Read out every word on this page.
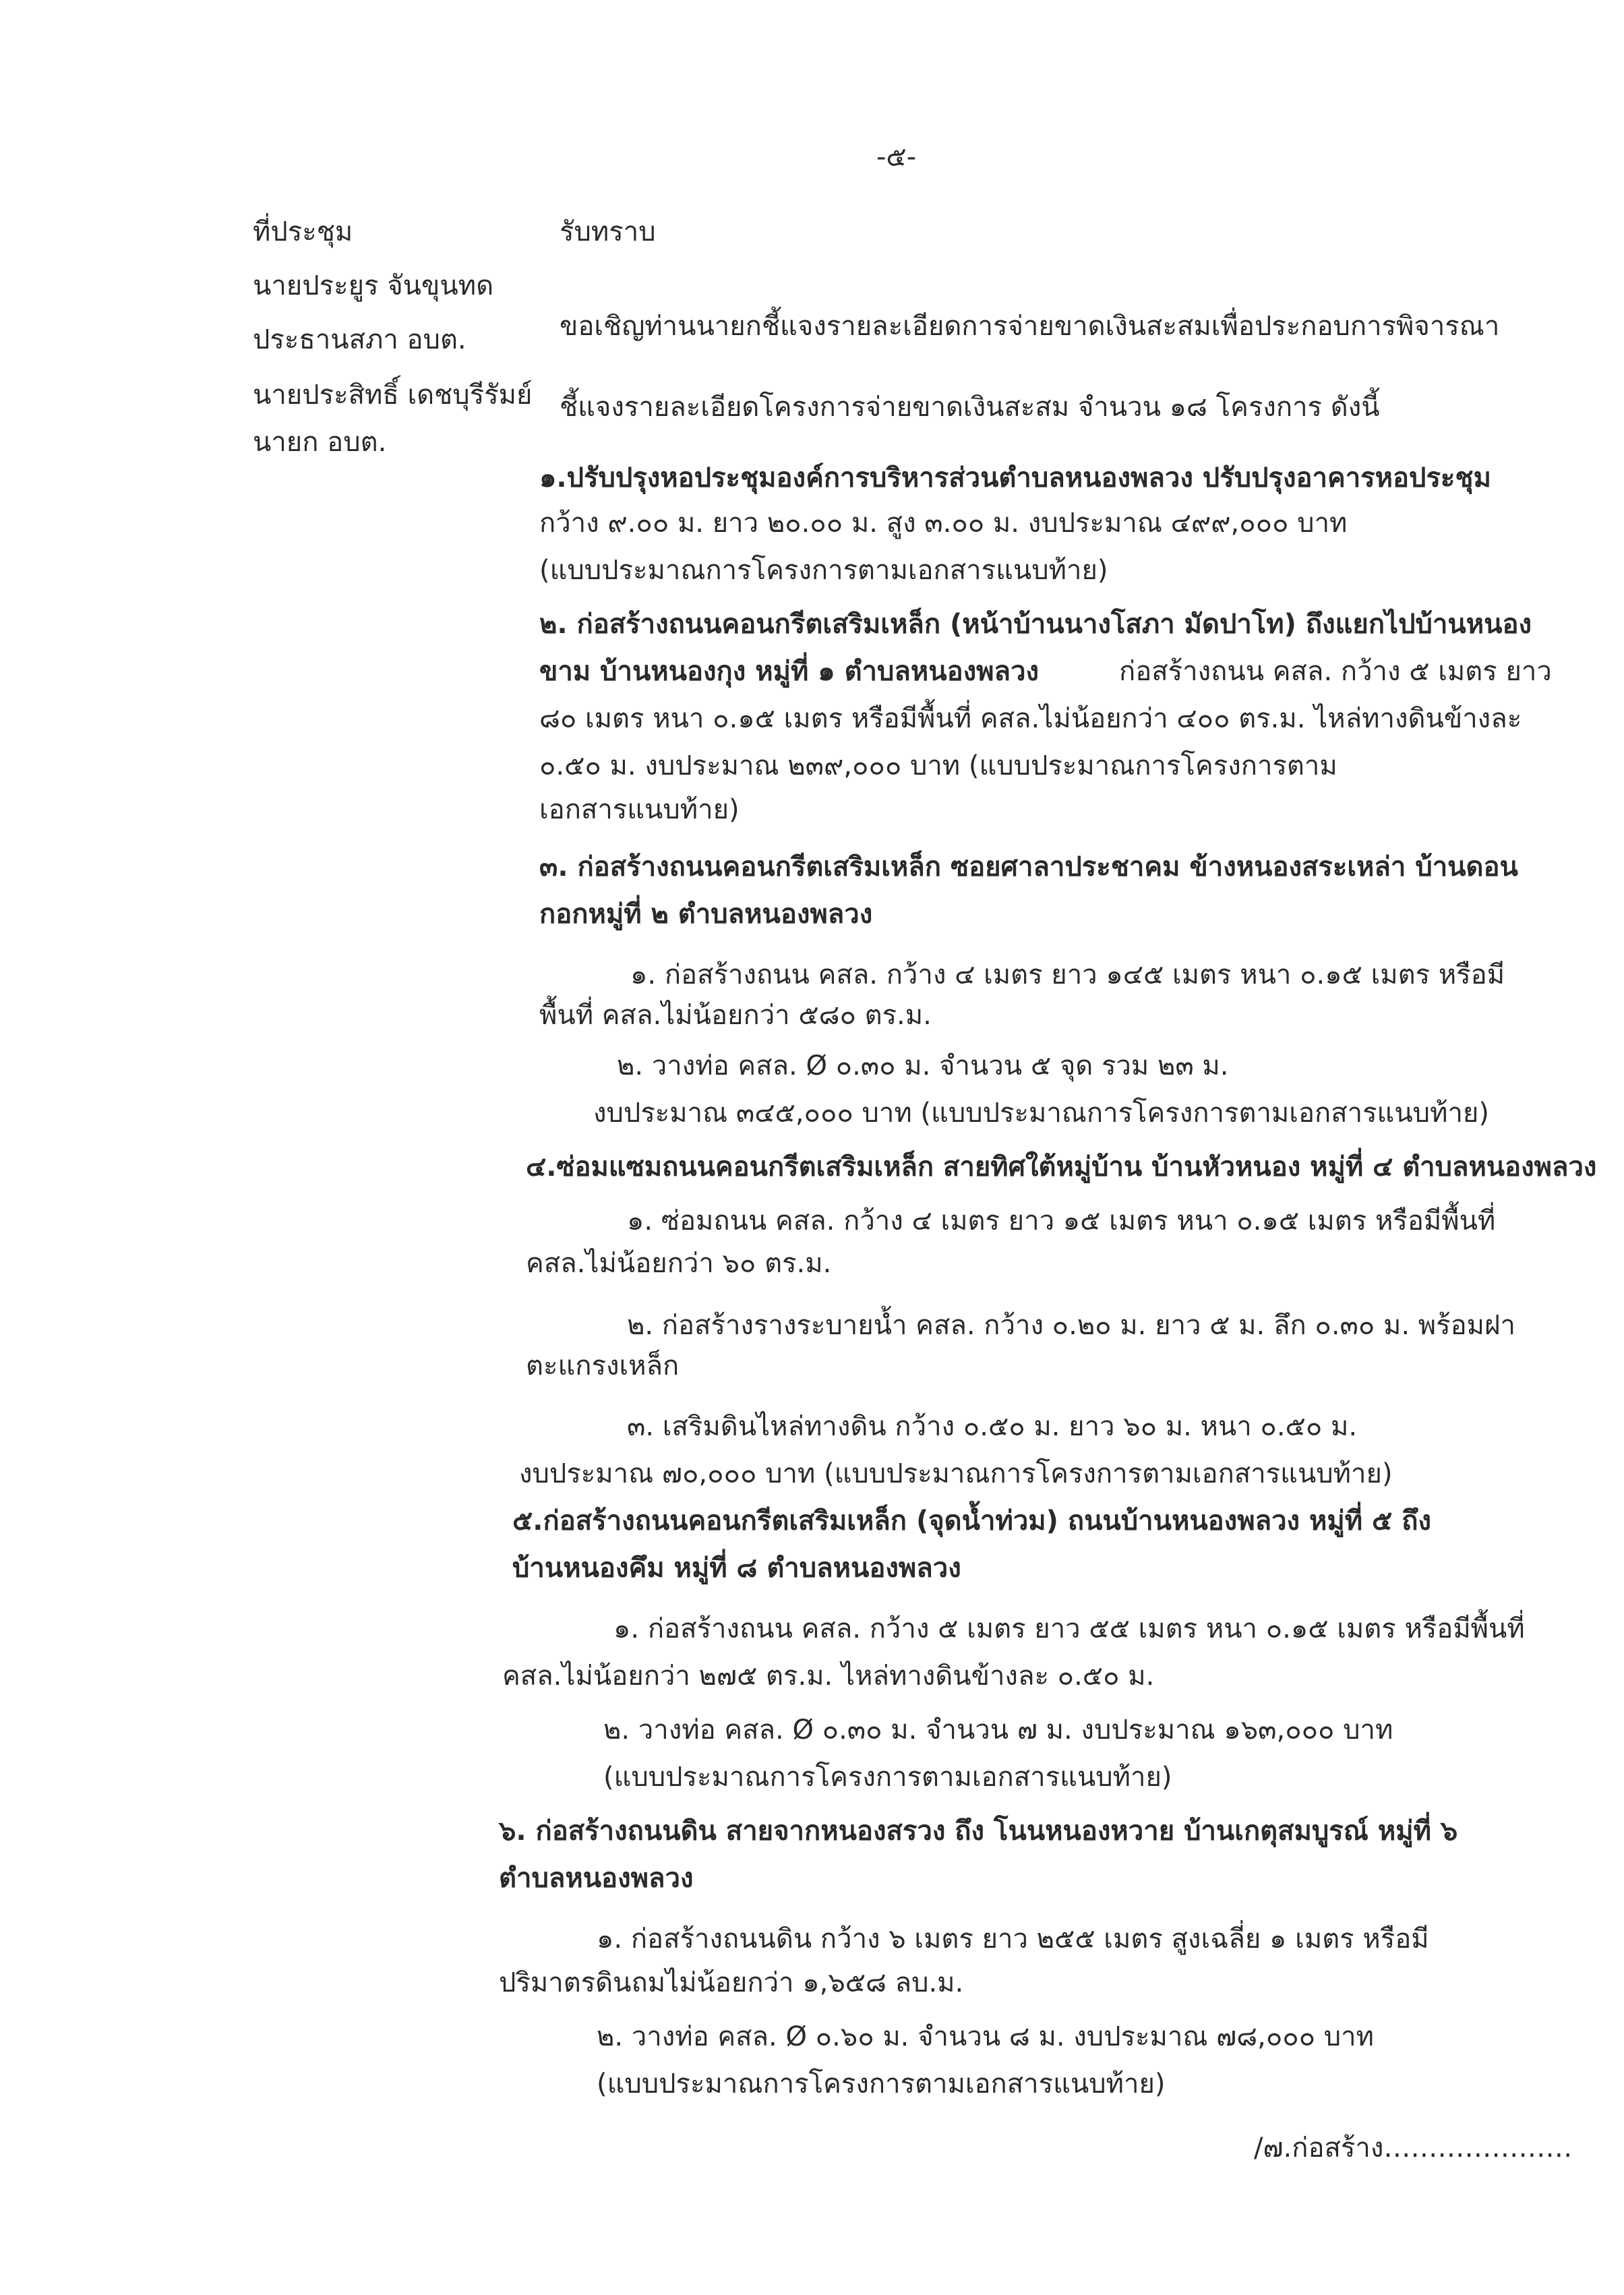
-๕-
ที่ประชุม	รับทราบ
นายประยูร จันขุนทด
ขอเชิญท่านนายกชี้แจงรายละเอียดการจ่ายขาดเงินสะสมเพื่อประกอบการพิจารณา
ประธานสภา อบต.
นายประสิทธิ์ เดชบุรีรัมย์ ชี้แจงรายละเอียดโครงการจ่ายขาดเงินสะสม จำนวน ๑๘ โครงการ ดังนี้
นายก อบต.
๑.ปรับปรุงหอประชุมองค์การบริหารส่วนตำบลหนองพลวง ปรับปรุงอาคารหอประชุม
กว้าง ๙.๐๐ ม. ยาว ๒๐.๐๐ ม. สูง ๓.๐๐ ม. งบประมาณ ๔๙๙,๐๐๐ บาท
(แบบประมาณการโครงการตามเอกสารแนบท้าย)
๒. ก่อสร้างถนนคอนกรีตเสริมเหล็ก (หน้าบ้านนางโสภา มัดปาโท) ถึงแยกไปบ้านหนอง
ขาม บ้านหนองกุง หมู่ที่ ๑ ตำบลหนองพลวง	ก่อสร้างถนน คสล. กว้าง ๕ เมตร ยาว
๘๐ เมตร หนา ๐.๑๕ เมตร หรือมีพื้นที่ คสล.ไม่น้อยกว่า ๔๐๐ ตร.ม. ไหล่ทางดินข้างละ
๐.๕๐ ม. งบประมาณ ๒๓๙,๐๐๐ บาท (แบบประมาณการโครงการตาม
เอกสารแนบท้าย)
๓. ก่อสร้างถนนคอนกรีตเสริมเหล็ก ซอยศาลาประชาคม ข้างหนองสระเหล่า บ้านดอน
กอกหมู่ที่ ๒ ตำบลหนองพลวง
๑. ก่อสร้างถนน คสล. กว้าง ๔ เมตร ยาว ๑๔๕ เมตร หนา ๐.๑๕ เมตร หรือมี
พื้นที่ คสล.ไม่น้อยกว่า ๕๘๐ ตร.ม.
๒. วางท่อ คสล. Ø ๐.๓๐ ม. จำนวน ๕ จุด รวม ๒๓ ม.
งบประมาณ ๓๔๕,๐๐๐ บาท (แบบประมาณการโครงการตามเอกสารแนบท้าย)
๔.ซ่อมแซมถนนคอนกรีตเสริมเหล็ก สายทิศใต้หมู่บ้าน บ้านหัวหนอง หมู่ที่ ๔ ตำบลหนองพลวง
๑. ซ่อมถนน คสล. กว้าง ๔ เมตร ยาว ๑๕ เมตร หนา ๐.๑๕ เมตร หรือมีพื้นที่
คสล.ไม่น้อยกว่า ๖๐ ตร.ม.
๒. ก่อสร้างรางระบายน้ำ คสล. กว้าง ๐.๒๐ ม. ยาว ๕ ม. ลึก ๐.๓๐ ม. พร้อมฝา
ตะแกรงเหล็ก
๓. เสริมดินไหล่ทางดิน กว้าง ๐.๕๐ ม. ยาว ๖๐ ม. หนา ๐.๕๐ ม.
งบประมาณ ๗๐,๐๐๐ บาท (แบบประมาณการโครงการตามเอกสารแนบท้าย)
๕.ก่อสร้างถนนคอนกรีตเสริมเหล็ก (จุดน้ำท่วม) ถนนบ้านหนองพลวง หมู่ที่ ๕ ถึง
บ้านหนองคึม หมู่ที่ ๘ ตำบลหนองพลวง
๑. ก่อสร้างถนน คสล. กว้าง ๕ เมตร ยาว ๕๕ เมตร หนา ๐.๑๕ เมตร หรือมีพื้นที่
คสล.ไม่น้อยกว่า ๒๗๕ ตร.ม. ไหล่ทางดินข้างละ ๐.๕๐ ม.
๒. วางท่อ คสล. Ø ๐.๓๐ ม. จำนวน ๗ ม. งบประมาณ ๑๖๓,๐๐๐ บาท
(แบบประมาณการโครงการตามเอกสารแนบท้าย)
๖. ก่อสร้างถนนดิน สายจากหนองสรวง ถึง โนนหนองหวาย บ้านเกตุสมบูรณ์ หมู่ที่ ๖
ตำบลหนองพลวง
๑. ก่อสร้างถนนดิน กว้าง ๖ เมตร ยาว ๒๕๕ เมตร สูงเฉลี่ย ๑ เมตร หรือมี
ปริมาตรดินถมไม่น้อยกว่า ๑,๖๕๘ ลบ.ม.
๒. วางท่อ คสล. Ø ๐.๖๐ ม. จำนวน ๘ ม. งบประมาณ ๗๘,๐๐๐ บาท
(แบบประมาณการโครงการตามเอกสารแนบท้าย)
/๗.ก่อสร้าง…………………
